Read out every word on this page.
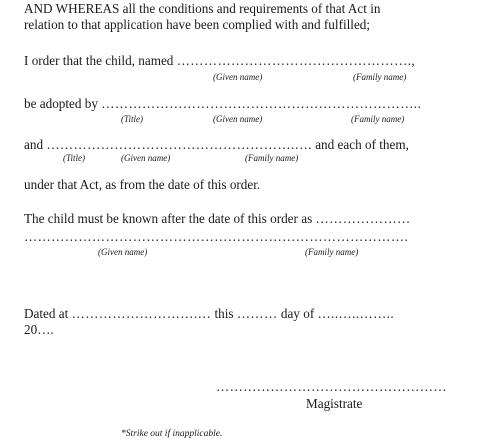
AND WHEREAS all the conditions and requirements of that Act in
relation to that application have been complied with and fulfilled;
I order that the child, named …………………………………………….,
(Given name)	(Family name)
be adopted by ……………………………………………………………..
(Title)	(Given name)	(Family name)
and ……………………………………………….…. and each of them,
(Title)	(Given name)	(Family name)
under that Act, as from the date of this order.
The child must be known after the date of this order as …………………
………………………………………………………………………….
(Given name)	(Family name)
Dated at ……………………….… this ……… day of …..…..……..
20….
……………………………………………
Magistrate
*Strike out if inapplicable.
